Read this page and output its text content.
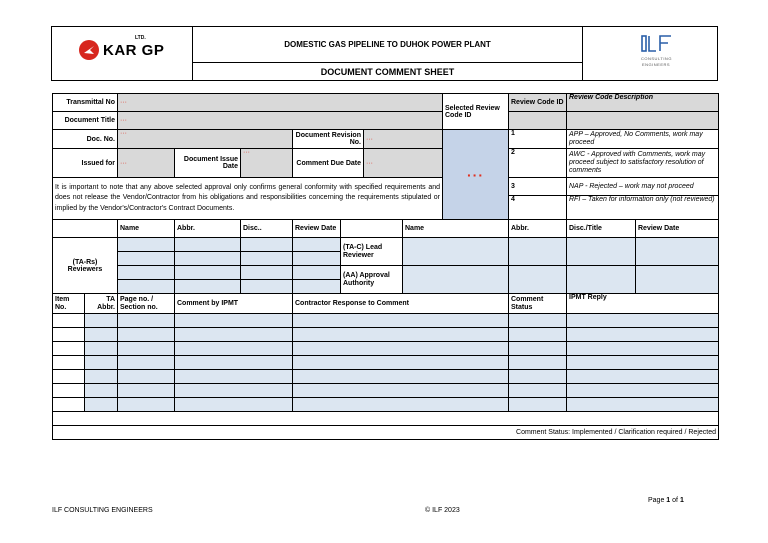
LTD.
KAR GP	DOMESTIC GAS PIPELINE TO DUHOK POWER PLANT
DOCUMENT COMMENT SHEET
CONSULTING
ENGINEERS
Transmittal No		···							Selected Review Code ID	Review Code ID	Review Code Description	
Document Title		···										
Doc. No.		···			Document Revision No.		···		···	1	APP – Approved, No Comments, work may proceed	
Issued for		···	Document Issue Date	···	Comment Due Date		···			2	AWC - Approved with Comments, work may proceed subject to satisfactory resolution of comments	
It is important to note that any above selected approval only confirms general conformity with specified requirements and does not release the Vendor/Contractor from his obligations and responsibilities concerning the requirements stipulated or implied by the Vendor's/Contractor's Contract Documents.										3	NAP - Rejected – work may not proceed	
										4	RFI – Taken for information only (not reviewed)	
		Name	Abbr.	Disc..	Review Date			Name		Abbr.	Disc./Title	Review Date
(TA-Rs) Reviewers						(TA-C) Lead Reviewer						

						(AA) Approval Authority						

Item No.	TA Abbr.	Page no. / Section no.	Comment by IPMT		Contractor Response to Comment					Comment Status	IPMT Reply	

Comment Status: Implemented / Clarification required / Rejected												
Page 1 of 1
ILF CONSULTING ENGINEERS	© ILF 2023
